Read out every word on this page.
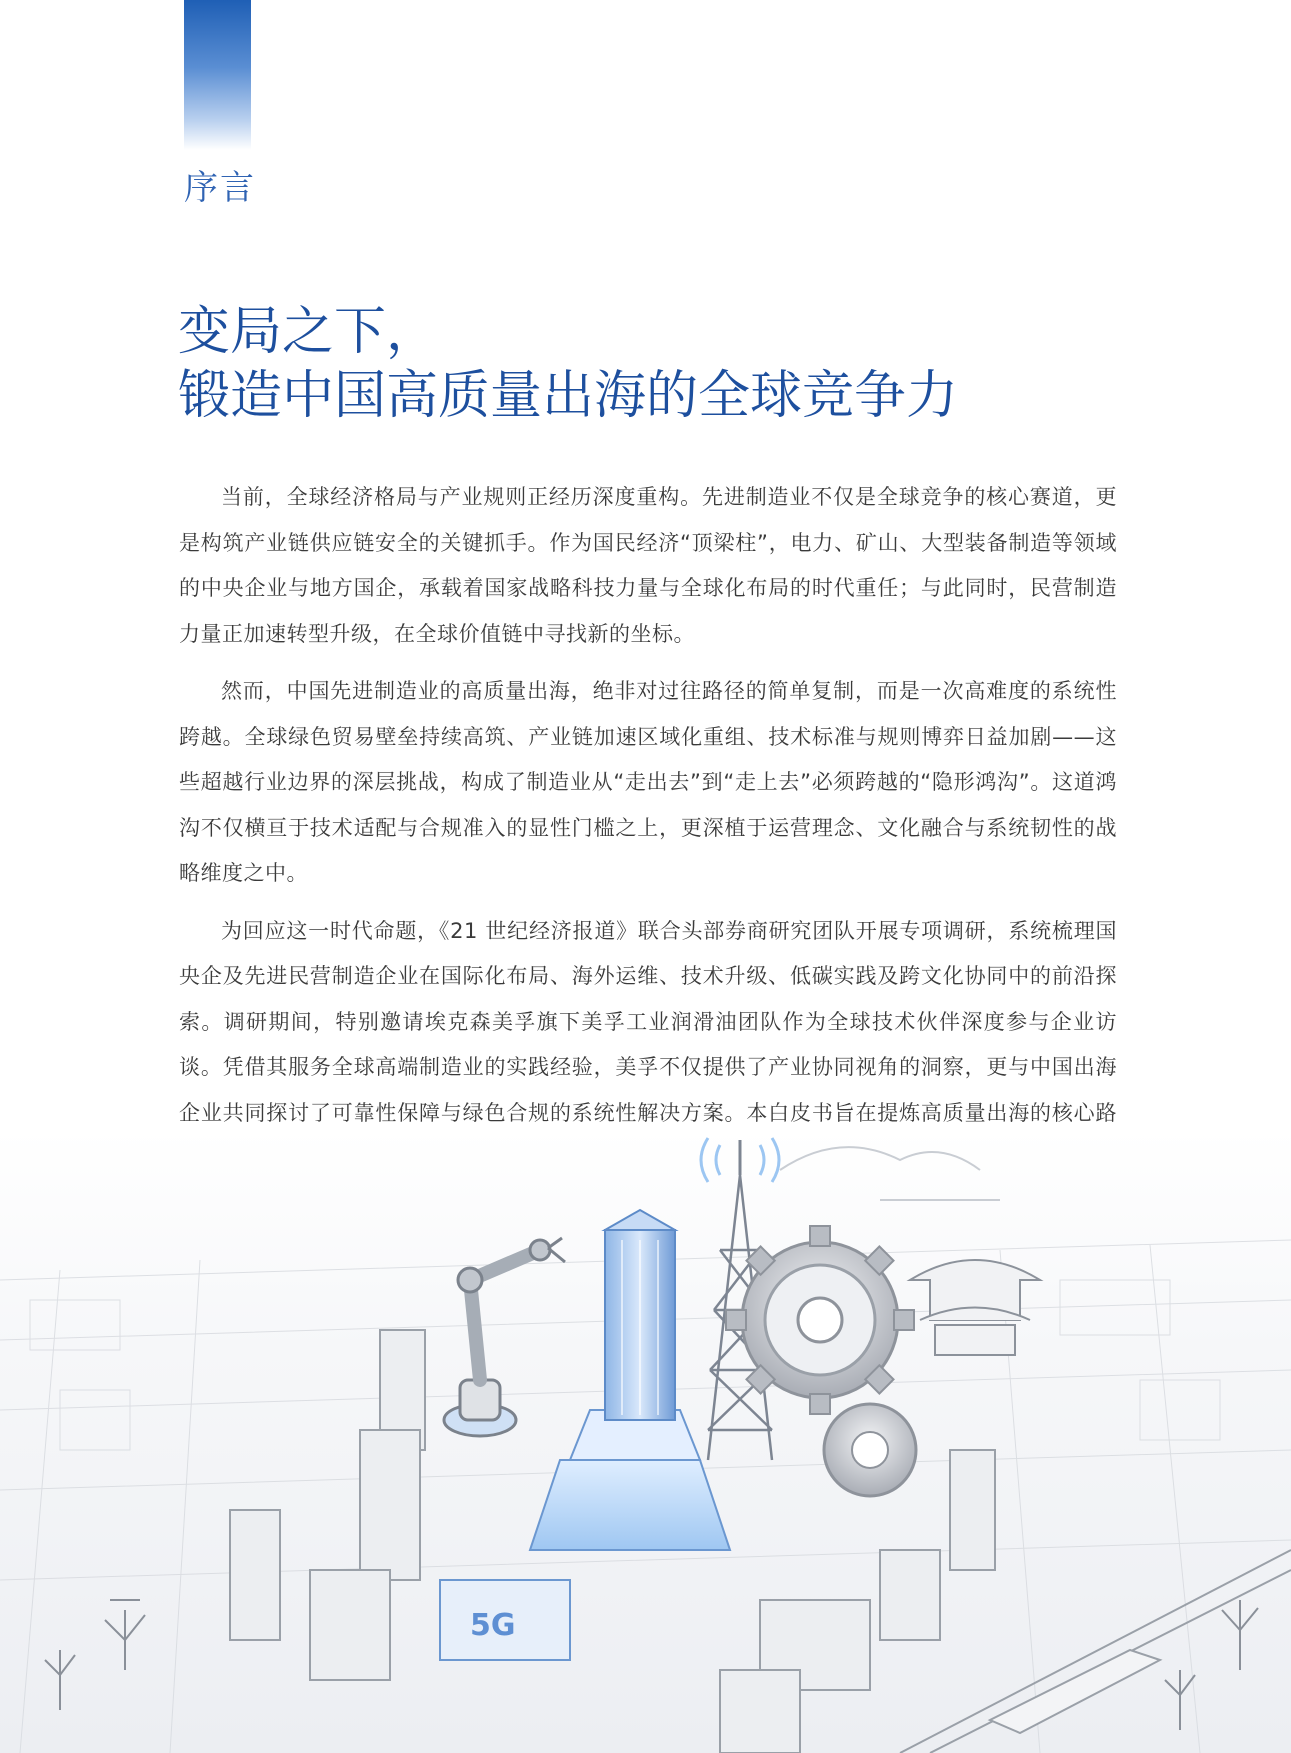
序言
变局之下，
锻造中国高质量出海的全球竞争力

当前，全球经济格局与产业规则正经历深度重构。先进制造业不仅是全球竞争的核心赛道，更是构筑产业链供应链安全的关键抓手。作为国民经济“顶梁柱”，电力、矿山、大型装备制造等领域的中央企业与地方国企，承载着国家战略科技力量与全球化布局的时代重任；与此同时，民营制造力量正加速转型升级，在全球价值链中寻找新的坐标。

然而，中国先进制造业的高质量出海，绝非对过往路径的简单复制，而是一次高难度的系统性跨越。全球绿色贸易壁垒持续高筑、产业链加速区域化重组、技术标准与规则博弈日益加剧——这些超越行业边界的深层挑战，构成了制造业从“走出去”到“走上去”必须跨越的“隐形鸿沟”。这道鸿沟不仅横亘于技术适配与合规准入的显性门槛之上，更深植于运营理念、文化融合与系统韧性的战略维度之中。

为回应这一时代命题，《21 世纪经济报道》联合头部券商研究团队开展专项调研，系统梳理国央企及先进民营制造企业在国际化布局、海外运维、技术升级、低碳实践及跨文化协同中的前沿探索。调研期间，特别邀请埃克森美孚旗下美孚工业润滑油团队作为全球技术伙伴深度参与企业访谈。凭借其服务全球高端制造业的实践经验，美孚不仅提供了产业协同视角的洞察，更与中国出海企业共同探讨了可靠性保障与绿色合规的系统性解决方案。本白皮书旨在提炼高质量出海的核心路

5G
